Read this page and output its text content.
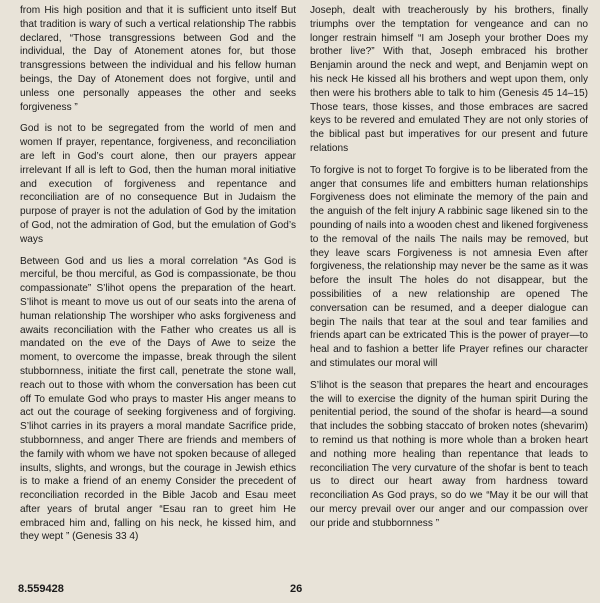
from His high position and that it is sufficient unto itself But that tradition is wary of such a vertical relationship The rabbis declared, “Those transgressions between God and the individual, the Day of Atonement atones for, but those transgressions between the individual and his fellow human beings, the Day of Atonement does not forgive, until and unless one personally appeases the other and seeks forgiveness ”

God is not to be segregated from the world of men and women If prayer, repentance, forgiveness, and reconciliation are left in God’s court alone, then our prayers appear irrelevant If all is left to God, then the human moral initiative and execution of forgiveness and repentance and reconciliation are of no consequence But in Judaism the purpose of prayer is not the adulation of God by the imitation of God, not the admiration of God, but the emulation of God’s ways

Between God and us lies a moral correlation “As God is merciful, be thou merciful, as God is compassionate, be thou compassionate” S’lihot opens the preparation of the heart. S’lihot is meant to move us out of our seats into the arena of human relationship The worshiper who asks forgiveness and awaits reconciliation with the Father who creates us all is mandated on the eve of the Days of Awe to seize the moment, to overcome the impasse, break through the silent stubbornness, initiate the first call, penetrate the stone wall, reach out to those with whom the conversation has been cut off To emulate God who prays to master His anger means to act out the courage of seeking forgiveness and of forgiving. S’lihot carries in its prayers a moral mandate Sacrifice pride, stubbornness, and anger There are friends and members of the family with whom we have not spoken because of alleged insults, slights, and wrongs, but the courage in Jewish ethics is to make a friend of an enemy Consider the precedent of reconciliation recorded in the Bible Jacob and Esau meet after years of brutal anger “Esau ran to greet him He embraced him and, falling on his neck, he kissed him, and they wept ” (Genesis 33 4)

Joseph, dealt with treacherously by his brothers, finally triumphs over the temptation for vengeance and can no longer restrain himself “I am Joseph your brother Does my brother live?” With that, Joseph embraced his brother Benjamin around the neck and wept, and Benjamin wept on his neck He kissed all his brothers and wept upon them, only then were his brothers able to talk to him (Genesis 45 14–15) Those tears, those kisses, and those embraces are sacred keys to be revered and emulated They are not only stories of the biblical past but imperatives for our present and future relations

To forgive is not to forget To forgive is to be liberated from the anger that consumes life and embitters human relationships Forgiveness does not eliminate the memory of the pain and the anguish of the felt injury A rabbinic sage likened sin to the pounding of nails into a wooden chest and likened forgiveness to the removal of the nails The nails may be removed, but they leave scars Forgiveness is not amnesia Even after forgiveness, the relationship may never be the same as it was before the insult The holes do not disappear, but the possibilities of a new relationship are opened The conversation can be resumed, and a deeper dialogue can begin The nails that tear at the soul and tear families and friends apart can be extricated This is the power of prayer—to heal and to fashion a better life Prayer refines our character and stimulates our moral will

S’lihot is the season that prepares the heart and encourages the will to exercise the dignity of the human spirit During the penitential period, the sound of the shofar is heard—a sound that includes the sobbing staccato of broken notes (shevarim) to remind us that nothing is more whole than a broken heart and nothing more healing than repentance that leads to reconciliation The very curvature of the shofar is bent to teach us to direct our heart away from hardness toward reconciliation As God prays, so do we “May it be our will that our mercy prevail over our anger and our compassion over our pride and stubbornness ”

8.559428	26
